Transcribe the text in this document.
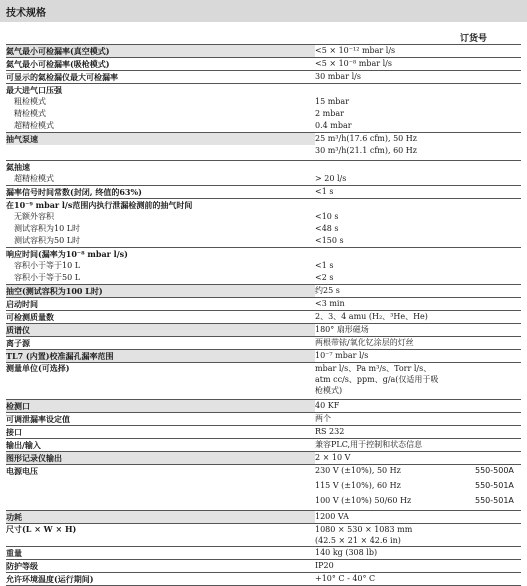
技术规格
订货号
氦气最小可检漏率(真空模式)	<5 × 10⁻¹² mbar l/s
氦气最小可检漏率(吸枪模式)	<5 × 10⁻⁸ mbar l/s
可显示的氦检漏仪最大可检漏率	30 mbar l/s
最大进气口压强
粗检模式	15 mbar
精检模式	2 mbar
超精检模式	0.4 mbar
抽气泵速	25 m³/h(17.6 cfm), 50 Hz
30 m³/h(21.1 cfm), 60 Hz
氦抽速
超精检模式	> 20 l/s
漏率信号时间常数(封闭, 终值的63%)	<1 s
在10⁻⁹ mbar l/s范围内执行泄漏检测前的抽气时间
无额外容积	<10 s
测试容积为10 L时	<48 s
测试容积为50 L时	<150 s
响应时间(漏率为10⁻⁸ mbar l/s)
容积小于等于10 L	<1 s
容积小于等于50 L	<2 s
抽空(测试容积为100 L时)	约25 s
启动时间	<3 min
可检测质量数	2、3、4 amu (H₂、³He、He)
质谱仪	180° 扇形磁场
离子源	两根带铱/氧化钇涂层的灯丝
TL7 (内置)校准漏孔漏率范围	10⁻⁷ mbar l/s
测量单位(可选择)	mbar l/s、Pa m³/s、Torr l/s、
atm cc/s、ppm、g/a(仅适用于吸
枪模式)
检测口	40 KF
可调泄漏率设定值	两个
接口	RS 232
输出/输入	兼容PLC,用于控制和状态信息
图形记录仪输出	2 × 10 V
电源电压	230 V (±10%), 50 Hz	550-500A
115 V (±10%), 60 Hz	550-501A
100 V (±10%) 50/60 Hz	550-501A
功耗	1200 VA
尺寸(L × W × H)	1080 × 530 × 1083 mm
(42.5 × 21 × 42.6 in)
重量	140 kg (308 lb)
防护等级	IP20
允许环境温度(运行期间)	+10° C - 40° C
